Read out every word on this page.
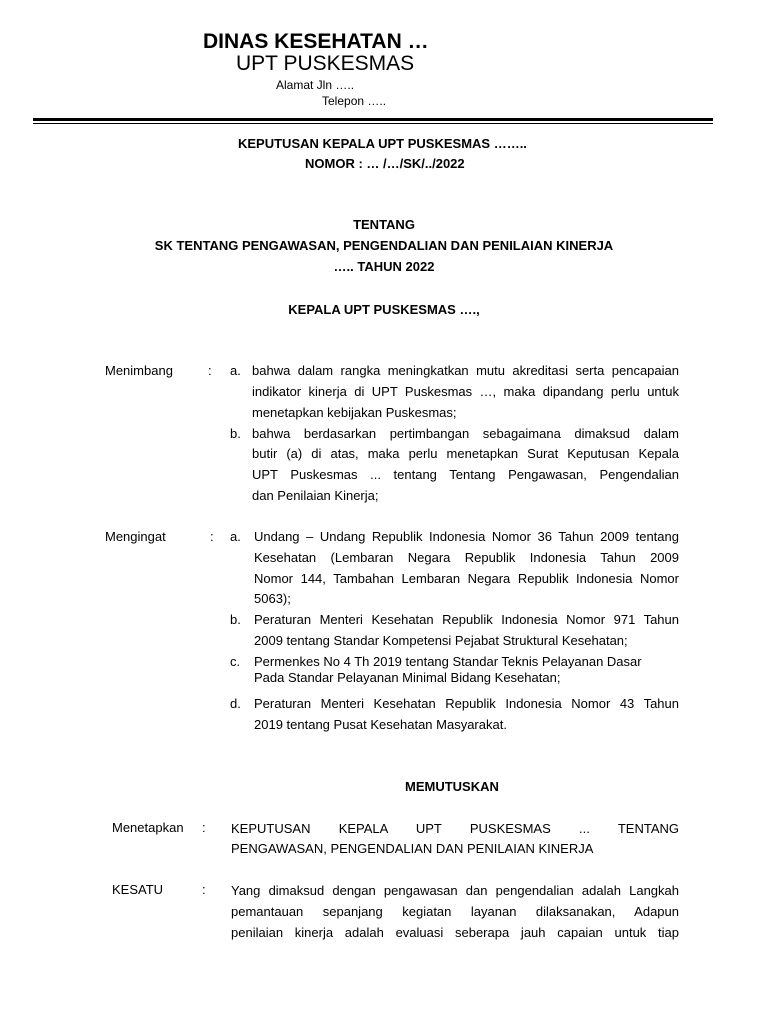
DINAS KESEHATAN …
UPT PUSKESMAS
Alamat Jln …..
Telepon …..
KEPUTUSAN KEPALA UPT PUSKESMAS ……..
NOMOR : … /…/SK/../2022
TENTANG
SK TENTANG PENGAWASAN, PENGENDALIAN DAN PENILAIAN KINERJA
….. TAHUN 2022
KEPALA UPT PUSKESMAS ….,
Menimbang	: a. bahwa dalam rangka meningkatkan mutu akreditasi serta pencapaian
indikator kinerja di UPT Puskesmas …, maka dipandang perlu untuk
menetapkan kebijakan Puskesmas;
b. bahwa berdasarkan pertimbangan sebagaimana dimaksud dalam
butir (a) di atas, maka perlu menetapkan Surat Keputusan Kepala
UPT Puskesmas ... tentang Tentang Pengawasan, Pengendalian
dan Penilaian Kinerja;
Mengingat	: a. Undang – Undang Republik Indonesia Nomor 36 Tahun 2009 tentang
Kesehatan (Lembaran Negara Republik Indonesia Tahun 2009
Nomor 144, Tambahan Lembaran Negara Republik Indonesia Nomor
5063);
b. Peraturan Menteri Kesehatan Republik Indonesia Nomor 971 Tahun
2009 tentang Standar Kompetensi Pejabat Struktural Kesehatan;
c. Permenkes No 4 Th 2019 tentang Standar Teknis Pelayanan Dasar
Pada Standar Pelayanan Minimal Bidang Kesehatan;
d. Peraturan Menteri Kesehatan Republik Indonesia Nomor 43 Tahun
2019 tentang Pusat Kesehatan Masyarakat.
MEMUTUSKAN
Menetapkan : KEPUTUSAN KEPALA UPT PUSKESMAS ... TENTANG
PENGAWASAN, PENGENDALIAN DAN PENILAIAN KINERJA
KESATU	: Yang dimaksud dengan pengawasan dan pengendalian adalah Langkah
pemantauan sepanjang kegiatan layanan dilaksanakan, Adapun
penilaian kinerja adalah evaluasi seberapa jauh capaian untuk tiap
